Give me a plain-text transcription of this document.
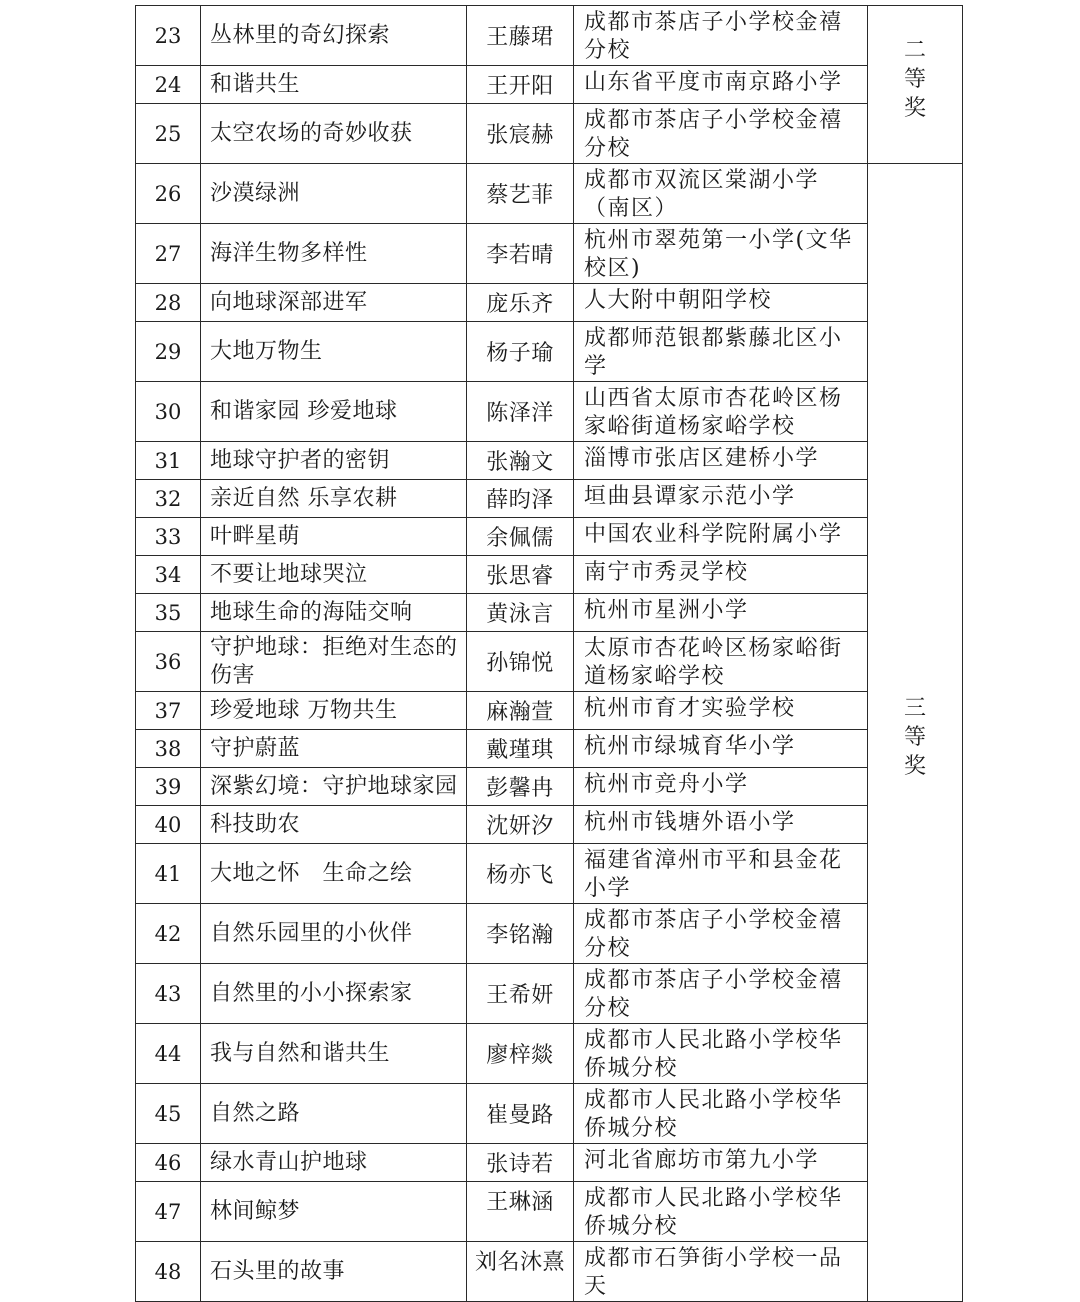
23	丛林里的奇幻探索	王藤珺	成都市茶店子小学校金禧分校	二等奖
24	和谐共生	王开阳	山东省平度市南京路小学	
25	太空农场的奇妙收获	张宸赫	成都市茶店子小学校金禧分校	
26	沙漠绿洲	蔡艺菲	成都市双流区棠湖小学（南区）	三等奖
27	海洋生物多样性	李若晴	杭州市翠苑第一小学(文华校区)	
28	向地球深部进军	庞乐齐	人大附中朝阳学校	
29	大地万物生	杨子瑜	成都师范银都紫藤北区小学	
30	和谐家园 珍爱地球	陈泽洋	山西省太原市杏花岭区杨家峪街道杨家峪学校	
31	地球守护者的密钥	张瀚文	淄博市张店区建桥小学	
32	亲近自然 乐享农耕	薛昀泽	垣曲县谭家示范小学	
33	叶畔星萌	余佩儒	中国农业科学院附属小学	
34	不要让地球哭泣	张思睿	南宁市秀灵学校	
35	地球生命的海陆交响	黄泳言	杭州市星洲小学	
36	守护地球：拒绝对生态的伤害	孙锦悦	太原市杏花岭区杨家峪街道杨家峪学校	
37	珍爱地球 万物共生	麻瀚萱	杭州市育才实验学校	
38	守护蔚蓝	戴瑾琪	杭州市绿城育华小学	
39	深紫幻境：守护地球家园	彭馨冉	杭州市竞舟小学	
40	科技助农	沈妍汐	杭州市钱塘外语小学	
41	大地之怀　生命之绘	杨亦飞	福建省漳州市平和县金花小学	
42	自然乐园里的小伙伴	李铭瀚	成都市茶店子小学校金禧分校	
43	自然里的小小探索家	王希妍	成都市茶店子小学校金禧分校	
44	我与自然和谐共生	廖梓燚	成都市人民北路小学校华侨城分校	
45	自然之路	崔曼路	成都市人民北路小学校华侨城分校	
46	绿水青山护地球	张诗若	河北省廊坊市第九小学	
47	林间鲸梦	王琳涵	成都市人民北路小学校华侨城分校	
48	石头里的故事	刘名沐熹	成都市石笋街小学校一品天	
